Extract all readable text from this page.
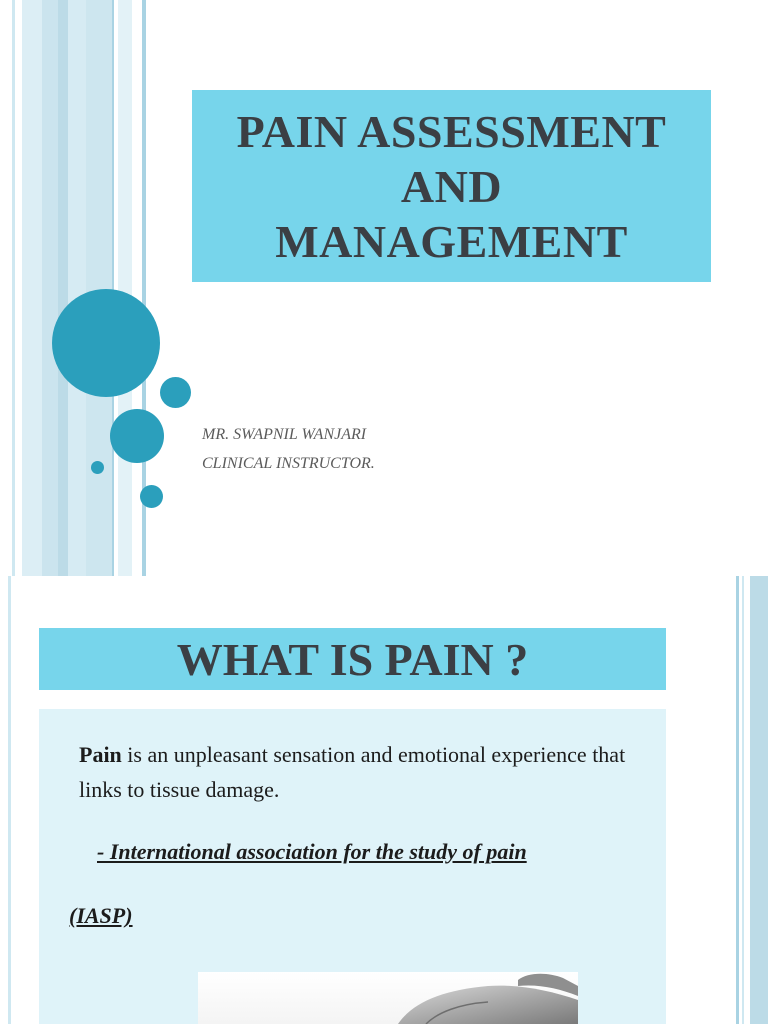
PAIN ASSESSMENT
AND
MANAGEMENT
MR. SWAPNIL WANJARI
CLINICAL INSTRUCTOR.
WHAT IS PAIN ?

Pain is an unpleasant sensation and emotional experience that links to tissue damage.

- International association for the study of pain
(IASP)
